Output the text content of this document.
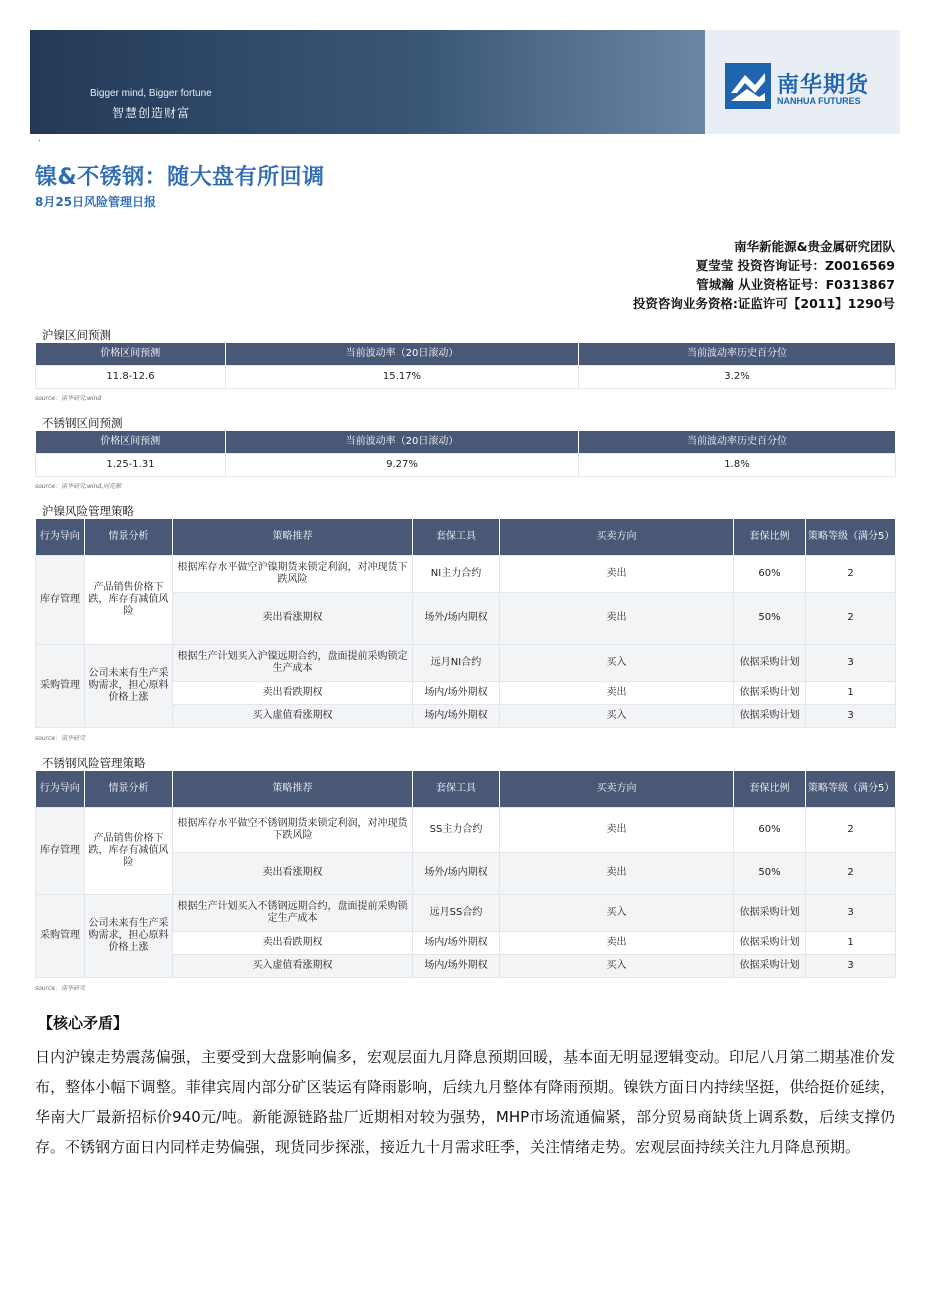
Bigger mind, Bigger fortune
智慧创造财富
南华期货
NANHUA FUTURES
·
镍&不锈钢：随大盘有所回调
8月25日风险管理日报
南华新能源&贵金属研究团队
夏莹莹 投资咨询证号：Z0016569
管城瀚 从业资格证号：F0313867
投资咨询业务资格:证监许可【2011】1290号
沪镍区间预测
价格区间预测	当前波动率（20日滚动）	当前波动率历史百分位
11.8-12.6	15.17%	3.2%
source：南华研究,wind
不锈钢区间预测
价格区间预测	当前波动率（20日滚动）	当前波动率历史百分位
1.25-1.31	9.27%	1.8%
source：南华研究,wind,同花顺
沪镍风险管理策略
行为导向	情景分析	策略推荐	套保工具	买卖方向	套保比例	策略等级（满分5）
库存管理	产品销售价格下跌，库存有减值风险	根据库存水平做空沪镍期货来锁定利润，对冲现货下跌风险	NI主力合约	卖出	60%	2
		卖出看涨期权	场外/场内期权	卖出	50%	2
采购管理	公司未来有生产采购需求，担心原料价格上涨	根据生产计划买入沪镍远期合约，盘面提前采购锁定生产成本	远月NI合约	买入	依据采购计划	3
		卖出看跌期权	场内/场外期权	卖出	依据采购计划	1
		买入虚值看涨期权	场内/场外期权	买入	依据采购计划	3
source：南华研究
不锈钢风险管理策略
行为导向	情景分析	策略推荐	套保工具	买卖方向	套保比例	策略等级（满分5）
库存管理	产品销售价格下跌，库存有减值风险	根据库存水平做空不锈钢期货来锁定利润，对冲现货下跌风险	SS主力合约	卖出	60%	2
		卖出看涨期权	场外/场内期权	卖出	50%	2
采购管理	公司未来有生产采购需求，担心原料价格上涨	根据生产计划买入不锈钢远期合约，盘面提前采购锁定生产成本	远月SS合约	买入	依据采购计划	3
		卖出看跌期权	场内/场外期权	卖出	依据采购计划	1
		买入虚值看涨期权	场内/场外期权	买入	依据采购计划	3
source：南华研究
【核心矛盾】
日内沪镍走势震荡偏强，主要受到大盘影响偏多，宏观层面九月降息预期回暖，基本面无明显逻辑变动。印尼八月第二期基准价发布，整体小幅下调整。菲律宾周内部分矿区装运有降雨影响，后续九月整体有降雨预期。镍铁方面日内持续坚挺，供给挺价延续，华南大厂最新招标价940元/吨。新能源链路盐厂近期相对较为强势，MHP市场流通偏紧，部分贸易商缺货上调系数，后续支撑仍存。不锈钢方面日内同样走势偏强，现货同步探涨，接近九十月需求旺季，关注情绪走势。宏观层面持续关注九月降息预期。
